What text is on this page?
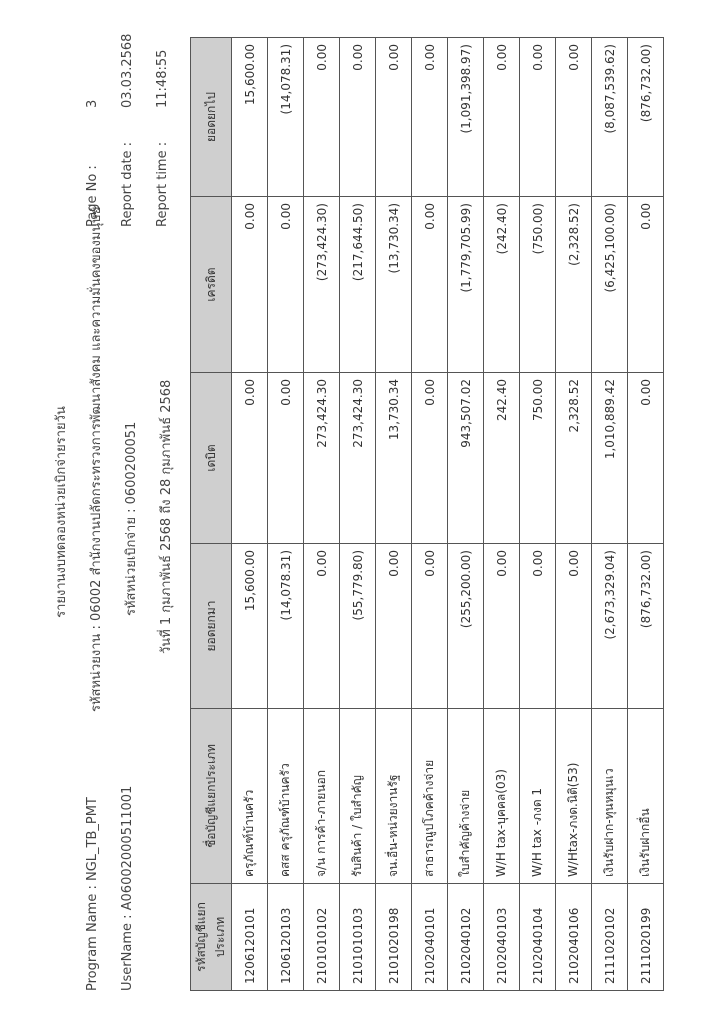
รายงานงบทดลองหน่วยเบิกจ่ายรายวัน	รหัสหน่วยงาน : 06002 สำนักงานปลัดกระทรวงการพัฒนาสังคม และความมั่นคงของมนุษย์	รหัสหน่วยเบิกจ่าย : 0600200051	วันที่ 1 กุมภาพันธ์ 2568 ถึง 28 กุมภาพันธ์ 2568
Program Name : NGL_TB_PMT UserName : A06002000511001
Page No :
3
Report date :
03.03.2568
Report time :
11:48:55
รหัสบัญชีแยกประเภท	ชื่อบัญชีแยกประเภท	ยอดยกมา	เดบิต	เครดิต	ยอดยกไป
1206120101	ครุภัณฑ์บ้านครัว	15,600.00	0.00	0.00	15,600.00
1206120103	คสส ครุภัณฑ์บ้านครัว	(14,078.31)	0.00	0.00	(14,078.31)
2101010102	จ/น การค้า-ภายนอก	0.00	273,424.30	(273,424.30)	0.00
2101010103	รับสินค้า / ใบสำคัญ	(55,779.80)	273,424.30	(217,644.50)	0.00
2101020198	จน.อื่น-หน่วยงานรัฐ	0.00	13,730.34	(13,730.34)	0.00
2102040101	สาธารณูปโภคค้างจ่าย	0.00	0.00	0.00	0.00
2102040102	ใบสำคัญค้างจ่าย	(255,200.00)	943,507.02	(1,779,705.99)	(1,091,398.97)
2102040103	W/H tax-บุคคล(03)	0.00	242.40	(242.40)	0.00
2102040104	W/H tax -ภงด 1	0.00	750.00	(750.00)	0.00
2102040106	W/Htax-ภงด.นิติ(53)	0.00	2,328.52	(2,328.52)	0.00
2111020102	เงินรับฝาก-ทุนหมุนเว	(2,673,329.04)	1,010,889.42	(6,425,100.00)	(8,087,539.62)
2111020199	เงินรับฝากอื่น	(876,732.00)	0.00	0.00	(876,732.00)
